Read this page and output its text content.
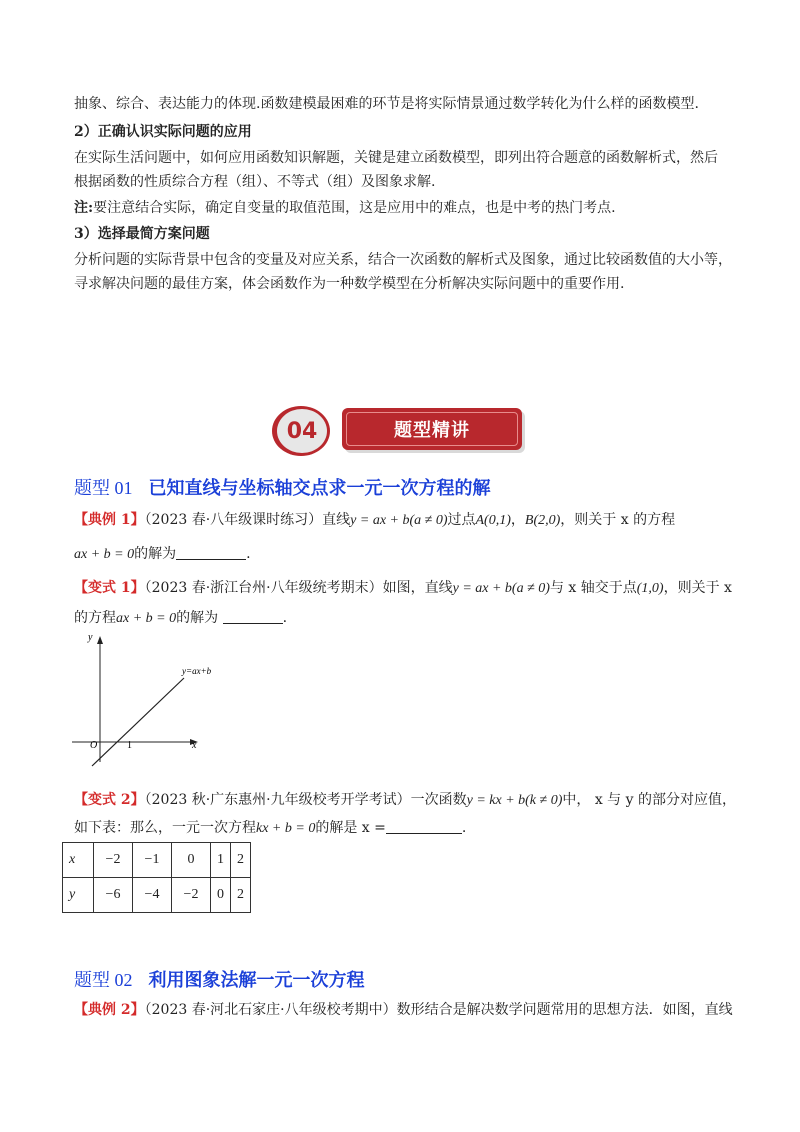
抽象、综合、表达能力的体现.函数建模最困难的环节是将实际情景通过数学转化为什么样的函数模型.
2）正确认识实际问题的应用
在实际生活问题中，如何应用函数知识解题，关键是建立函数模型，即列出符合题意的函数解析式，然后
根据函数的性质综合方程（组）、不等式（组）及图象求解.
注:要注意结合实际，确定自变量的取值范围，这是应用中的难点，也是中考的热门考点.
3）选择最简方案问题
分析问题的实际背景中包含的变量及对应关系，结合一次函数的解析式及图象，通过比较函数值的大小等，
寻求解决问题的最佳方案，体会函数作为一种数学模型在分析解决实际问题中的重要作用.
04	题型精讲
题型 01 已知直线与坐标轴交点求一元一次方程的解
【典例 1】（2023 春·八年级课时练习）直线y = ax + b(a ≠ 0)过点A(0,1)，B(2,0)，则关于 x 的方程
ax + b = 0的解为	.
【变式 1】（2023 春·浙江台州·八年级统考期末）如图，直线y = ax + b(a ≠ 0)与 x 轴交于点(1,0)，则关于 x
的方程ax + b = 0的解为	.
y
x
O	1
y=ax+b
【变式 2】（2023 秋·广东惠州·九年级校考开学考试）一次函数y = kx + b(k ≠ 0)中， x 与 y 的部分对应值，
如下表：那么，一元一次方程kx + b = 0的解是 x =	.
x	−2	−1	0	1	2
y	−6	−4	−2	0	2
题型 02 利用图象法解一元一次方程
【典例 2】（2023 春·河北石家庄·八年级校考期中）数形结合是解决数学问题常用的思想方法．如图，直线
